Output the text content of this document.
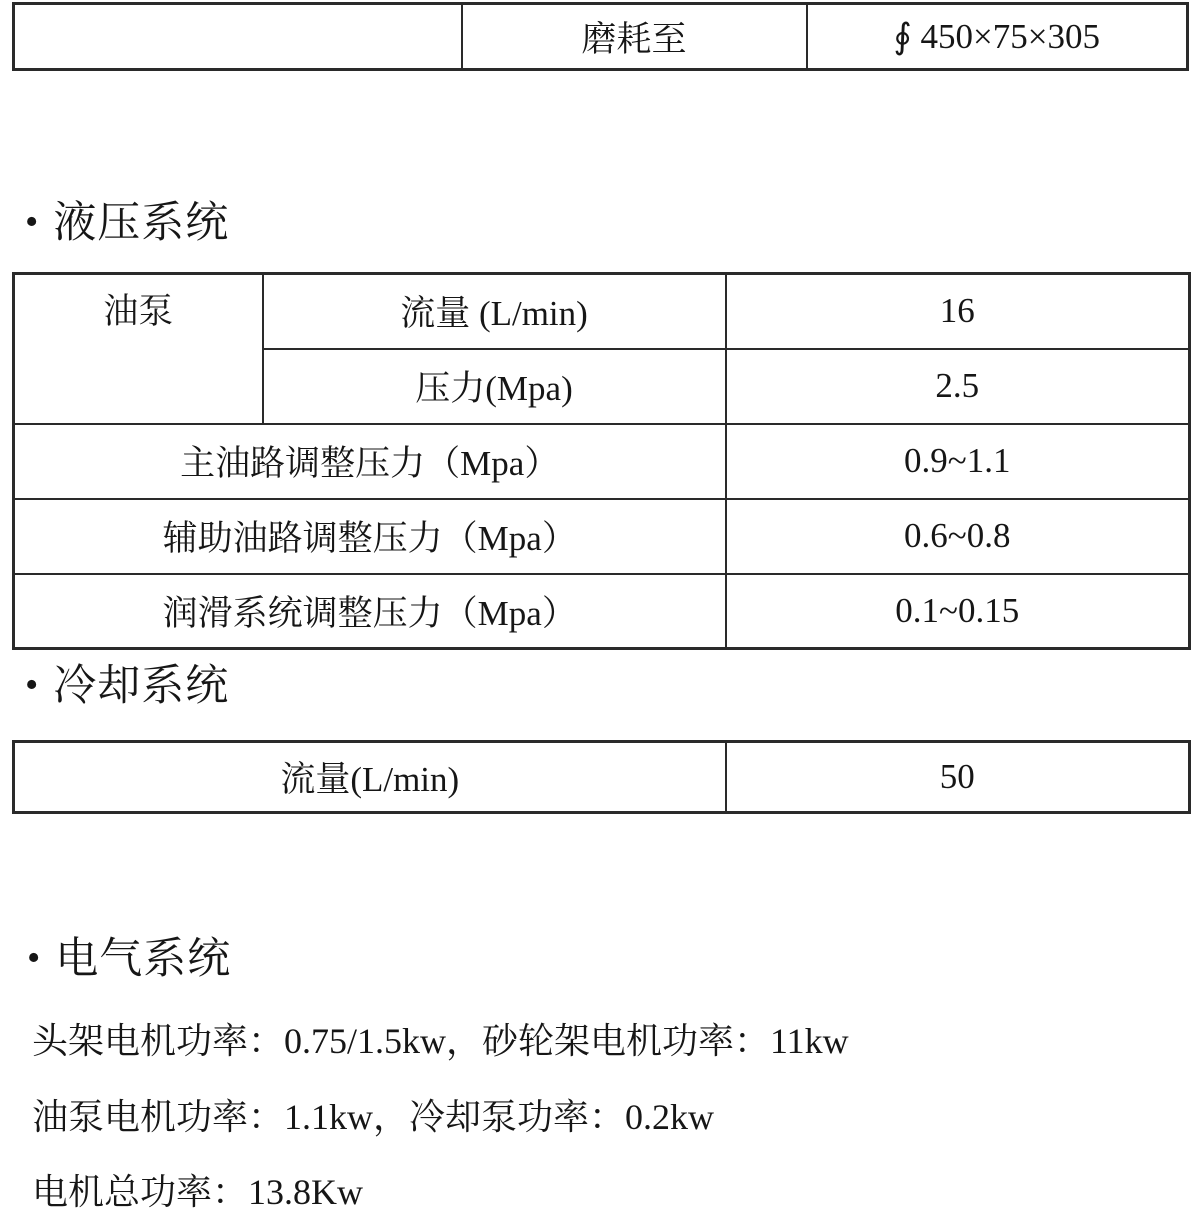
	磨耗至	∮ 450×75×305
• 液压系统
油泵	流量 (L/min)	16
	压力(Mpa)	2.5
主油路调整压力（Mpa）		0.9~1.1
辅助油路调整压力（Mpa）		0.6~0.8
润滑系统调整压力（Mpa）		0.1~0.15
• 冷却系统
流量(L/min)	50
• 电气系统
头架电机功率：0.75/1.5kw，砂轮架电机功率：11kw
油泵电机功率：1.1kw，冷却泵功率：0.2kw
电机总功率：13.8Kw
